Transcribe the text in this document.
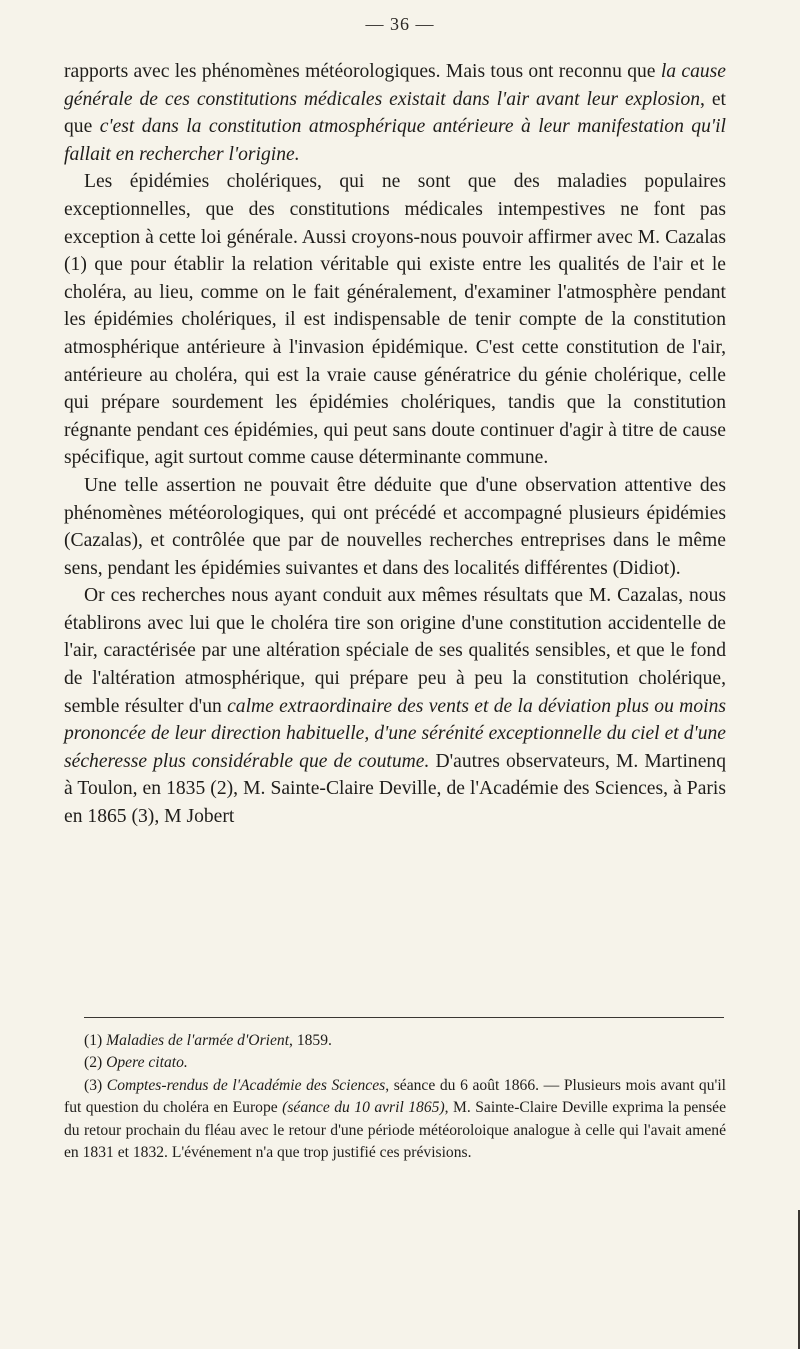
— 36 —

rapports avec les phénomènes météorologiques. Mais tous ont reconnu que la cause générale de ces constitutions médicales existait dans l'air avant leur explosion, et que c'est dans la constitution atmosphérique antérieure à leur manifestation qu'il fallait en rechercher l'origine.

Les épidémies cholériques, qui ne sont que des maladies populaires exceptionnelles, que des constitutions médicales intempestives ne font pas exception à cette loi générale. Aussi croyons-nous pouvoir affirmer avec M. Cazalas (1) que pour établir la relation véritable qui existe entre les qualités de l'air et le choléra, au lieu, comme on le fait généralement, d'examiner l'atmosphère pendant les épidémies cholériques, il est indispensable de tenir compte de la constitution atmosphérique antérieure à l'invasion épidémique. C'est cette constitution de l'air, antérieure au choléra, qui est la vraie cause génératrice du génie cholérique, celle qui prépare sourdement les épidémies cholériques, tandis que la constitution régnante pendant ces épidémies, qui peut sans doute continuer d'agir à titre de cause spécifique, agit surtout comme cause déterminante commune.

Une telle assertion ne pouvait être déduite que d'une observation attentive des phénomènes météorologiques, qui ont précédé et accompagné plusieurs épidémies (Cazalas), et contrôlée que par de nouvelles recherches entreprises dans le même sens, pendant les épidémies suivantes et dans des localités différentes (Didiot).

Or ces recherches nous ayant conduit aux mêmes résultats que M. Cazalas, nous établirons avec lui que le choléra tire son origine d'une constitution accidentelle de l'air, caractérisée par une altération spéciale de ses qualités sensibles, et que le fond de l'altération atmosphérique, qui prépare peu à peu la constitution cholérique, semble résulter d'un calme extraordinaire des vents et de la déviation plus ou moins prononcée de leur direction habituelle, d'une sérénité exceptionnelle du ciel et d'une sécheresse plus considérable que de coutume. D'autres observateurs, M. Martinenq à Toulon, en 1835 (2), M. Sainte-Claire Deville, de l'Académie des Sciences, à Paris en 1865 (3), M Jobert

(1) Maladies de l'armée d'Orient, 1859.

(2) Opere citato.

(3) Comptes-rendus de l'Académie des Sciences, séance du 6 août 1866. — Plusieurs mois avant qu'il fut question du choléra en Europe (séance du 10 avril 1865), M. Sainte-Claire Deville exprima la pensée du retour prochain du fléau avec le retour d'une période météoroloique analogue à celle qui l'avait amené en 1831 et 1832. L'événement n'a que trop justifié ces prévisions.
